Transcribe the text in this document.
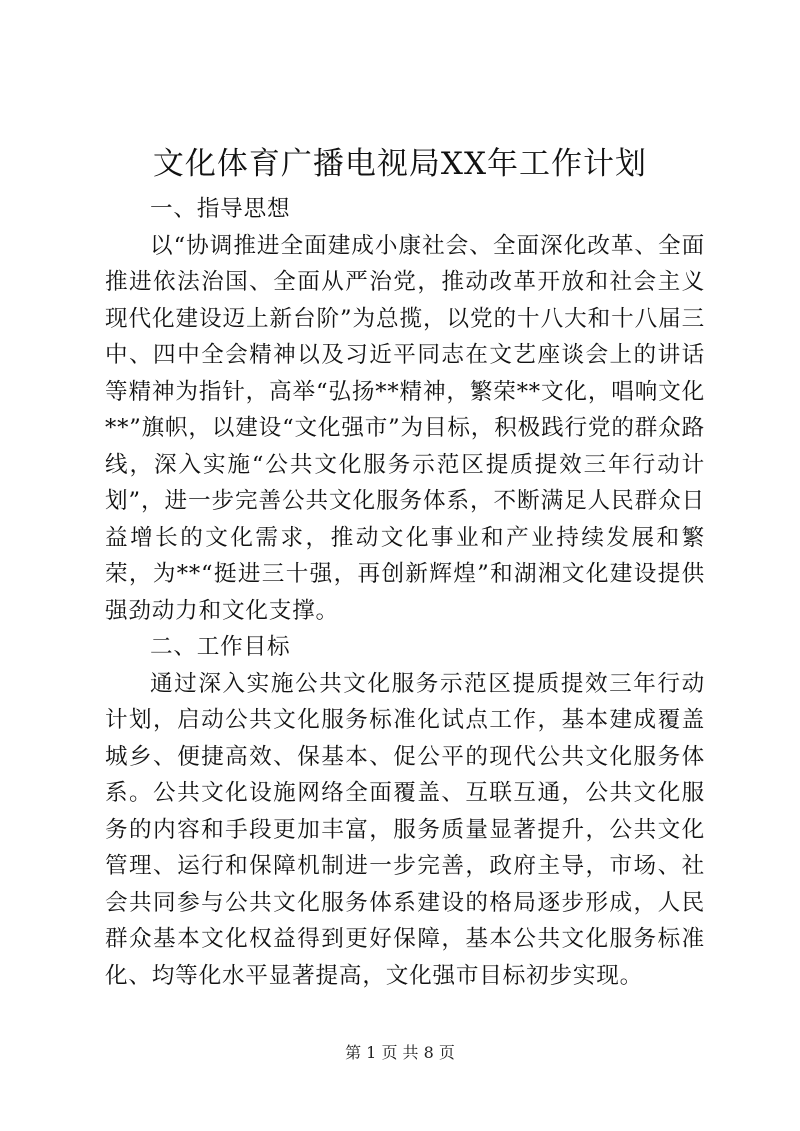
文化体育广播电视局XX年工作计划
一、指导思想

以“协调推进全面建成小康社会、全面深化改革、全面推进依法治国、全面从严治党，推动改革开放和社会主义现代化建设迈上新台阶”为总揽，以党的十八大和十八届三中、四中全会精神以及习近平同志在文艺座谈会上的讲话等精神为指针，高举“弘扬**精神，繁荣**文化，唱响文化**”旗帜，以建设“文化强市”为目标，积极践行党的群众路线，深入实施“公共文化服务示范区提质提效三年行动计划”，进一步完善公共文化服务体系，不断满足人民群众日益增长的文化需求，推动文化事业和产业持续发展和繁荣，为**“挺进三十强，再创新辉煌”和湖湘文化建设提供强劲动力和文化支撑。

二、工作目标

通过深入实施公共文化服务示范区提质提效三年行动计划，启动公共文化服务标准化试点工作，基本建成覆盖城乡、便捷高效、保基本、促公平的现代公共文化服务体系。公共文化设施网络全面覆盖、互联互通，公共文化服务的内容和手段更加丰富，服务质量显著提升，公共文化管理、运行和保障机制进一步完善，政府主导，市场、社会共同参与公共文化服务体系建设的格局逐步形成，人民群众基本文化权益得到更好保障，基本公共文化服务标准化、均等化水平显著提高，文化强市目标初步实现。

第 1 页 共 8 页
